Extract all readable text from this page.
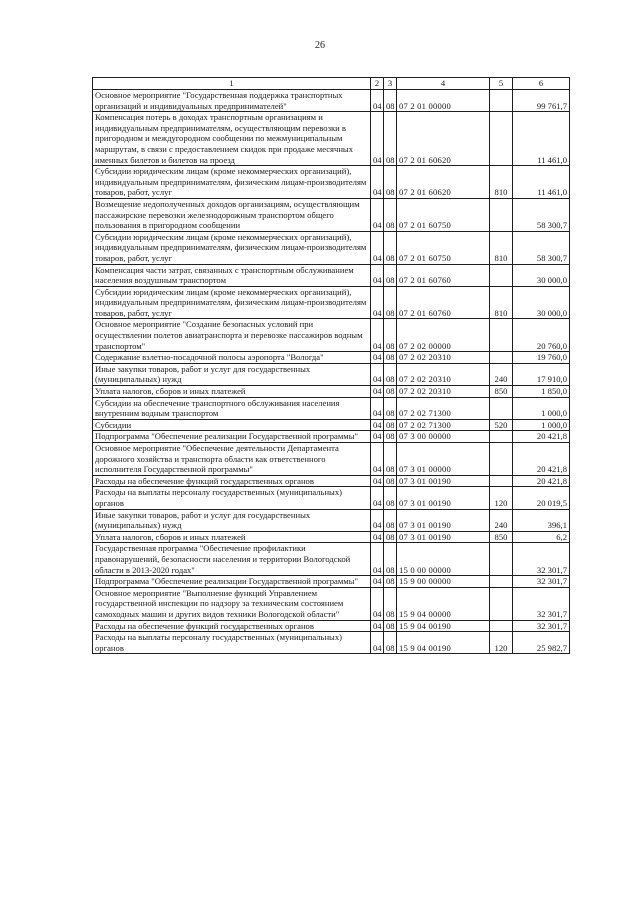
26
1	2	3	4	5	6
Основное мероприятие "Государственная поддержка транспортных организаций и индивидуальных предпринимателей"	04	08	07 2 01 00000		99 761,7
Компенсация потерь в доходах транспортным организациям и индивидуальным предпринимателям, осуществляющим перевозки в пригородном и междугородном сообщении по межмуниципальным маршрутам, в связи с предоставлением скидок при продаже месячных именных билетов и билетов на проезд	04	08	07 2 01 60620		11 461,0
Субсидии юридическим лицам (кроме некоммерческих организаций), индивидуальным предпринимателям, физическим лицам-производителям товаров, работ, услуг	04	08	07 2 01 60620	810	11 461,0
Возмещение недополученных доходов организациям, осуществляющим пассажирские перевозки железнодорожным транспортом общего пользования в пригородном сообщении	04	08	07 2 01 60750		58 300,7
Субсидии юридическим лицам (кроме некоммерческих организаций), индивидуальным предпринимателям, физическим лицам-производителям товаров, работ, услуг	04	08	07 2 01 60750	810	58 300,7
Компенсация части затрат, связанных с транспортным обслуживанием населения воздушным транспортом	04	08	07 2 01 60760		30 000,0
Субсидии юридическим лицам (кроме некоммерческих организаций), индивидуальным предпринимателям, физическим лицам-производителям товаров, работ, услуг	04	08	07 2 01 60760	810	30 000,0
Основное мероприятие "Создание безопасных условий при осуществлении полетов авиатранспорта и перевозке пассажиров водным транспортом"	04	08	07 2 02 00000		20 760,0
Содержание взлетно-посадочной полосы аэропорта "Вологда"	04	08	07 2 02 20310		19 760,0
Иные закупки товаров, работ и услуг для государственных (муниципальных) нужд	04	08	07 2 02 20310	240	17 910,0
Уплата налогов, сборов и иных платежей	04	08	07 2 02 20310	850	1 850,0
Субсидии на обеспечение транспортного обслуживания населения внутренним водным транспортом	04	08	07 2 02 71300		1 000,0
Субсидии	04	08	07 2 02 71300	520	1 000,0
Подпрограмма "Обеспечение реализации Государственной программы"	04	08	07 3 00 00000		20 421,8
Основное мероприятие "Обеспечение деятельности Департамента дорожного хозяйства и транспорта области как ответственного исполнителя Государственной программы"	04	08	07 3 01 00000		20 421,8
Расходы на обеспечение функций государственных органов	04	08	07 3 01 00190		20 421,8
Расходы на выплаты персоналу государственных (муниципальных) органов	04	08	07 3 01 00190	120	20 019,5
Иные закупки товаров, работ и услуг для государственных (муниципальных) нужд	04	08	07 3 01 00190	240	396,1
Уплата налогов, сборов и иных платежей	04	08	07 3 01 00190	850	6,2
Государственная программа "Обеспечение профилактики правонарушений, безопасности населения и территории Вологодской области в 2013-2020 годах"	04	08	15 0 00 00000		32 301,7
Подпрограмма "Обеспечение реализации Государственной программы"	04	08	15 9 00 00000		32 301,7
Основное мероприятие "Выполнение функций Управлением государственной инспекции по надзору за техническим состоянием самоходных машин и других видов техники Вологодской области"	04	08	15 9 04 00000		32 301,7
Расходы на обеспечение функций государственных органов	04	08	15 9 04 00190		32 301,7
Расходы на выплаты персоналу государственных (муниципальных) органов	04	08	15 9 04 00190	120	25 982,7
